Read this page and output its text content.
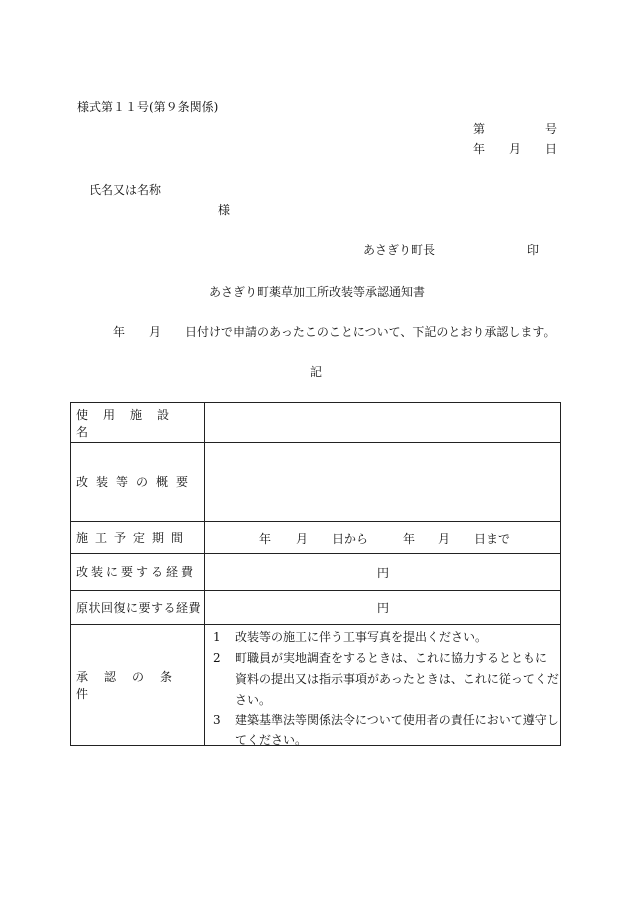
様式第１１号(第９条関係)
第	号
年 月 日
氏名又は名称
様
あさぎり町長	印
あさぎり町薬草加工所改装等承認通知書
年 月 日付けで申請のあったこのことについて、下記のとおり承認します。
記
使用施設名
改装等の概要
施工予定期間	年 月 日から	年 月 日まで
改装に要する経費	円
原状回復に要する経費	円
承認の条件
1 改装等の施工に伴う工事写真を提出ください。
2 町職員が実地調査をするときは、これに協力するとともに
資料の提出又は指示事項があったときは、これに従ってくだ
さい。
3 建築基準法等関係法令について使用者の責任において遵守し
てください。
